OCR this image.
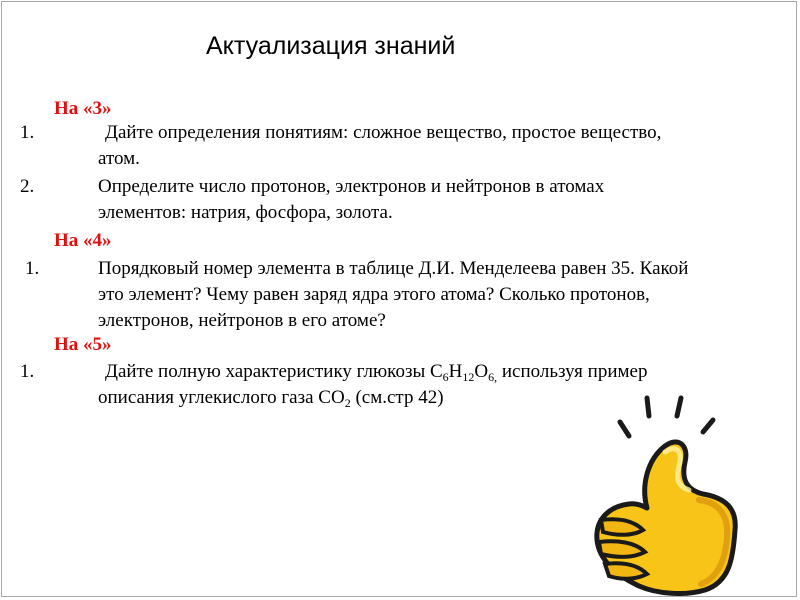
Актуализация знаний
На «3»
1.	Дайте определения понятиям: сложное вещество, простое вещество,
атом.
2.	Определите число протонов, электронов и нейтронов в атомах
элементов: натрия, фосфора, золота.
На «4»
1.	Порядковый номер элемента в таблице Д.И. Менделеева равен 35. Какой
это элемент? Чему равен заряд ядра этого атома? Сколько протонов,
электронов, нейтронов в его атоме?
На «5»
1.	Дайте полную характеристику глюкозы $С_6Н_{12}О_{6,}$ используя пример
описания углекислого газа $СО_2$ (см.стр 42)
